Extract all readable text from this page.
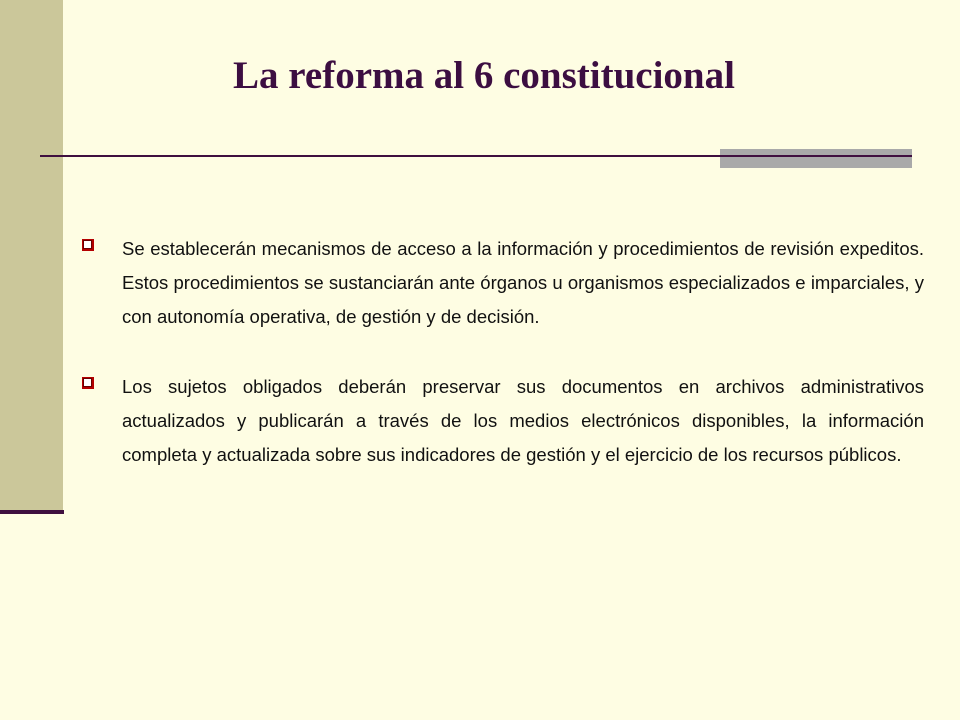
La reforma al 6 constitucional

Se establecerán mecanismos de acceso a la información y procedimientos de revisión expeditos. Estos procedimientos se sustanciarán ante órganos u organismos especializados e imparciales, y con autonomía operativa, de gestión y de decisión.

Los sujetos obligados deberán preservar sus documentos en archivos administrativos actualizados y publicarán a través de los medios electrónicos disponibles, la información completa y actualizada sobre sus indicadores de gestión y el ejercicio de los recursos públicos.
